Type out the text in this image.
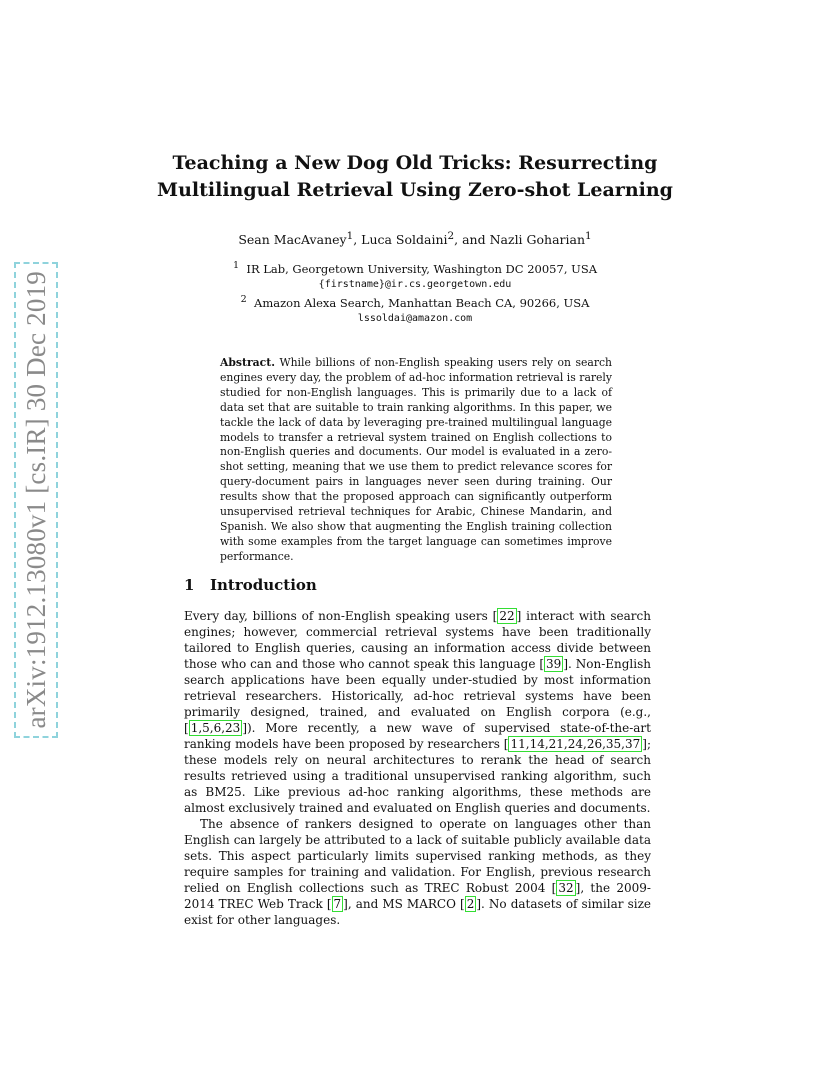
arXiv:1912.13080v1 [cs.IR] 30 Dec 2019
Teaching a New Dog Old Tricks: Resurrecting
Multilingual Retrieval Using Zero-shot Learning
Sean MacAvaney$^1$, Luca Soldaini$^2$, and Nazli Goharian$^1$
$^1$ IR Lab, Georgetown University, Washington DC 20057, USA
{firstname}@ir.cs.georgetown.edu
$^2$ Amazon Alexa Search, Manhattan Beach CA, 90266, USA
lssoldai@amazon.com
Abstract. While billions of non-English speaking users rely on search engines every day, the problem of ad-hoc information retrieval is rarely studied for non-English languages. This is primarily due to a lack of data set that are suitable to train ranking algorithms. In this paper, we tackle the lack of data by leveraging pre-trained multilingual language models to transfer a retrieval system trained on English collections to non-English queries and documents. Our model is evaluated in a zero-shot setting, meaning that we use them to predict relevance scores for query-document pairs in languages never seen during training. Our results show that the proposed approach can significantly outperform unsupervised retrieval techniques for Arabic, Chinese Mandarin, and Spanish. We also show that augmenting the English training collection with some examples from the target language can sometimes improve performance.
1 Introduction

Every day, billions of non-English speaking users [ 22 ] interact with search engines; however, commercial retrieval systems have been traditionally tailored to English queries, causing an information access divide between those who can and those who cannot speak this language [ 39 ]. Non-English search applications have been equally under-studied by most information retrieval researchers. Historically, ad-hoc retrieval systems have been primarily designed, trained, and evaluated on English corpora (e.g., [ 1,5,6,23 ]). More recently, a new wave of supervised state-of-the-art ranking models have been proposed by researchers [ 11,14,21,24,26,35,37 ]; these models rely on neural architectures to rerank the head of search results retrieved using a traditional unsupervised ranking algorithm, such as BM25. Like previous ad-hoc ranking algorithms, these methods are almost exclusively trained and evaluated on English queries and documents.

The absence of rankers designed to operate on languages other than English can largely be attributed to a lack of suitable publicly available data sets. This aspect particularly limits supervised ranking methods, as they require samples for training and validation. For English, previous research relied on English collections such as TREC Robust 2004 [ 32 ], the 2009-2014 TREC Web Track [ 7 ], and MS MARCO [ 2 ]. No datasets of similar size exist for other languages.
